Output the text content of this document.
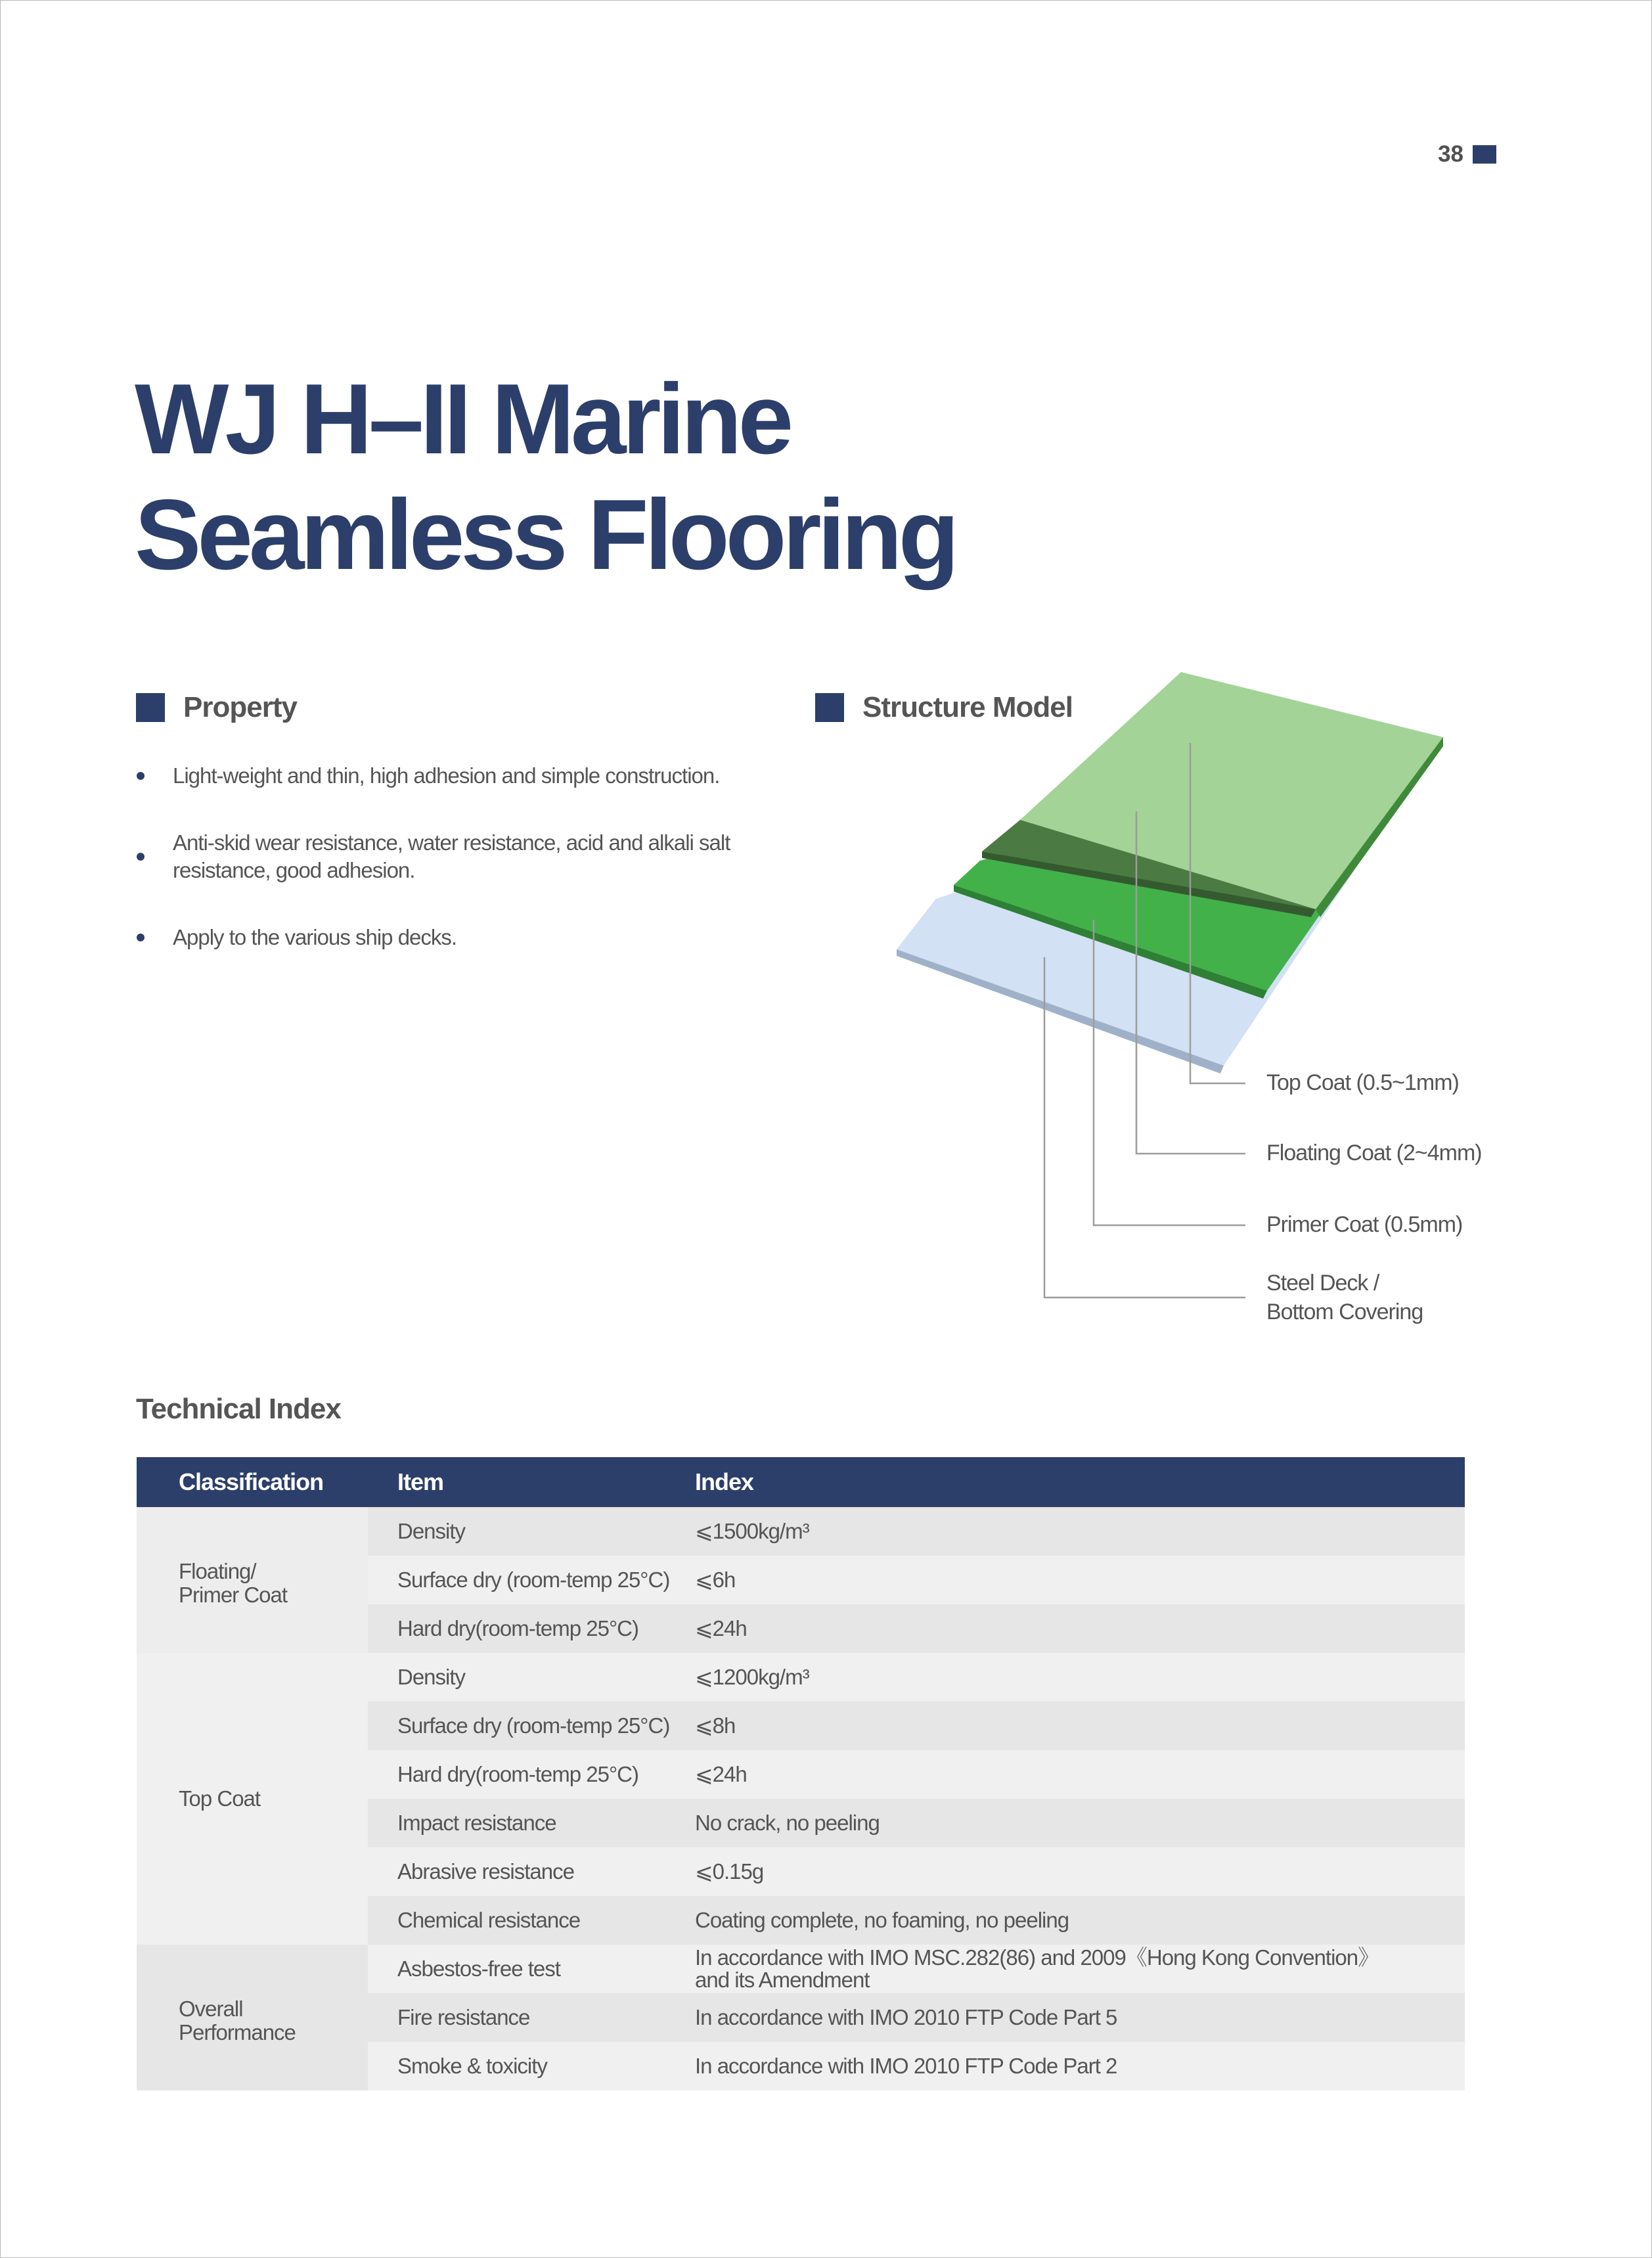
38
WJ H–II Marine
Seamless Flooring
Property
Light-weight and thin, high adhesion and simple construction.
Anti-skid wear resistance, water resistance, acid and alkali salt resistance, good adhesion.
Apply to the various ship decks.
Structure Model
Top Coat (0.5~1mm)
Floating Coat (2~4mm)
Primer Coat (0.5mm)
Steel Deck /
Bottom Covering
Technical Index
Classification	Item	Index
Floating/
Primer Coat	Density	⩽1500kg/m³
	Surface dry (room-temp 25°C)	⩽6h
	Hard dry(room-temp 25°C)	⩽24h
Top Coat	Density	⩽1200kg/m³
	Surface dry (room-temp 25°C)	⩽8h
	Hard dry(room-temp 25°C)	⩽24h
	Impact resistance	No crack, no peeling
	Abrasive resistance	⩽0.15g
	Chemical resistance	Coating complete, no foaming, no peeling
Overall
Performance	Asbestos-free test	In accordance with IMO MSC.282(86) and 2009《Hong Kong Convention》
and its Amendment
	Fire resistance	In accordance with IMO 2010 FTP Code Part 5
	Smoke & toxicity	In accordance with IMO 2010 FTP Code Part 2
